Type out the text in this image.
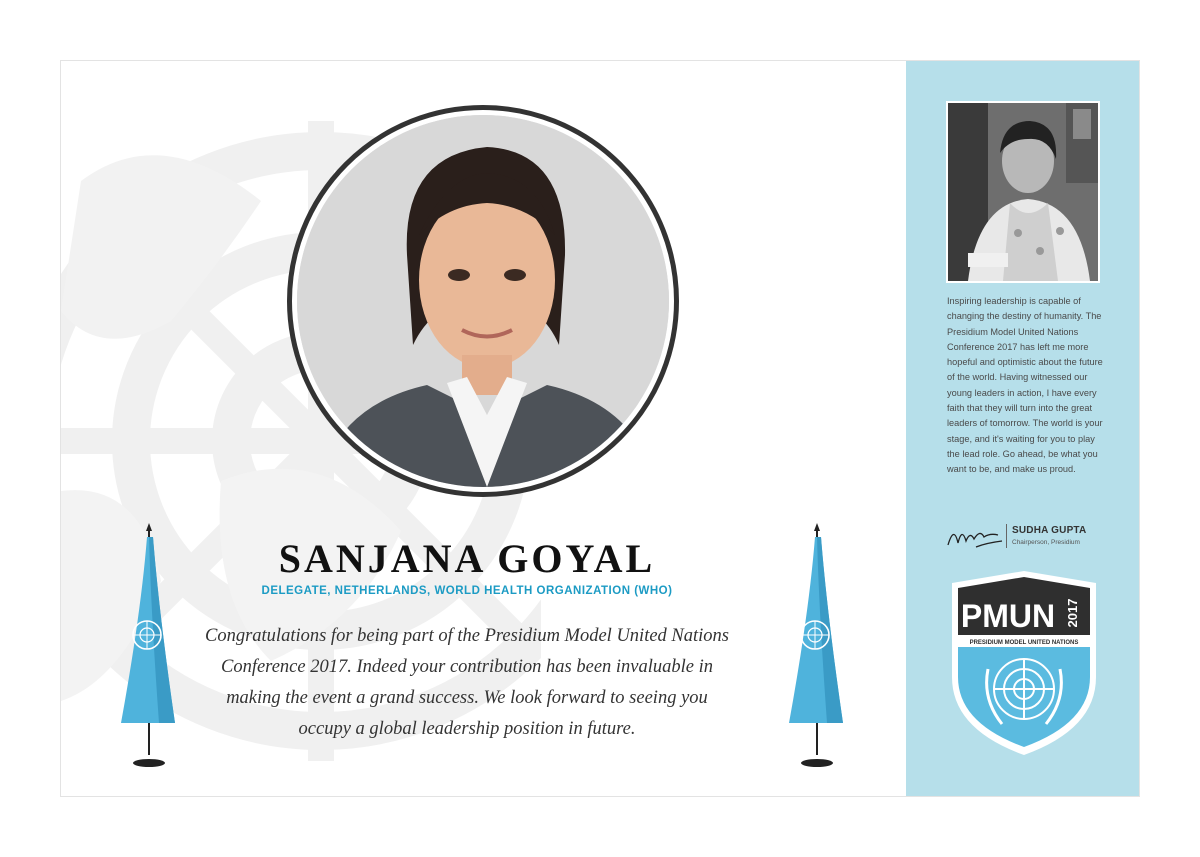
SANJANA GOYAL

DELEGATE, NETHERLANDS, WORLD HEALTH ORGANIZATION (WHO)

Congratulations for being part of the Presidium Model United Nations Conference 2017. Indeed your contribution has been invaluable in making the event a grand success. We look forward to seeing you occupy a global leadership position in future.

Inspiring leadership is capable of changing the destiny of humanity. The Presidium Model United Nations Conference 2017 has left me more hopeful and optimistic about the future of the world. Having witnessed our young leaders in action, I have every faith that they will turn into the great leaders of tomorrow. The world is your stage, and it's waiting for you to play the lead role. Go ahead, be what you want to be, and make us proud.

SUDHA GUPTA

Chairperson, Presidium

PMUN 2017
PRESIDIUM MODEL UNITED NATIONS
